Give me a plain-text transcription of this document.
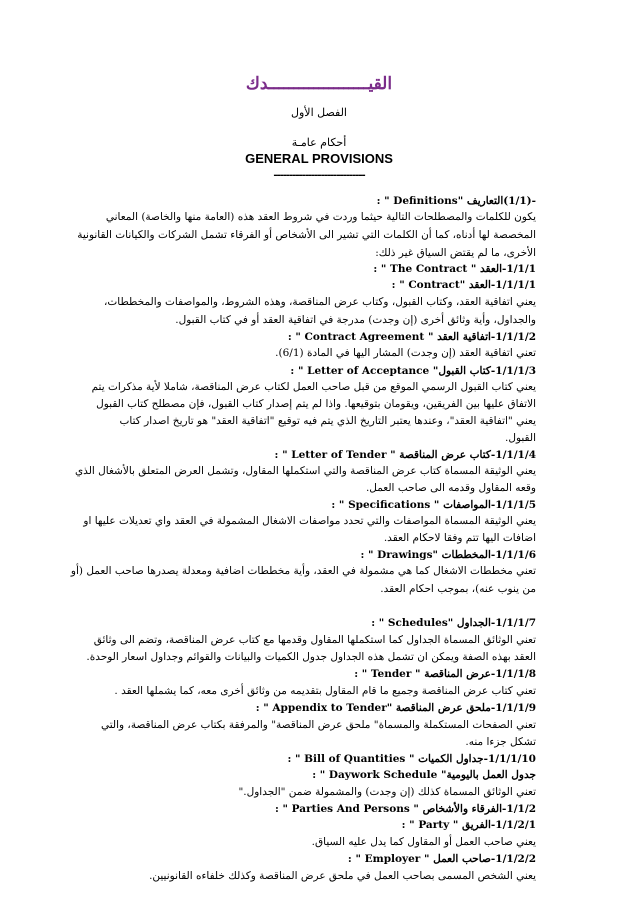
القيــــــــــــــــــــدك
الفصل الأول
أحكام عامـة
GENERAL PROVISIONS
-----------------------------
-(1/1)التعاريف "Definitions " :
يكون للكلمات والمصطلحات التالية حيثما وردت في شروط العقد هذه (العامة منها والخاصة) المعاني
المخصصة لها أدناه، كما أن الكلمات التي تشير الى الأشخاص أو الفرقاء تشمل الشركات والكيانات القانونية
الأخرى، ما لم يقتض السياق غير ذلك:
1/1/1-العقد " The Contract " :
1/1/1/1-العقد "Contract " :
يعني اتفاقية العقد، وكتاب القبول، وكتاب عرض المناقصة، وهذه الشروط، والمواصفات والمخططات،
والجداول، وأية وثائق أخرى (إن وجدت) مدرجة في اتفاقية العقد أو في كتاب القبول.
1/1/1/2-اتفاقية العقد " Contract Agreement " :
تعني اتفاقية العقد (إن وجدت) المشار اليها في المادة (6/1).
1/1/1/3-كتاب القبول" Letter of Acceptance " :
يعني كتاب القبول الرسمي الموقع من قبل صاحب العمل لكتاب عرض المناقصة، شاملا لأية مذكرات يتم
الاتفاق عليها بين الفريقين، ويقومان بتوقيعها. واذا لم يتم إصدار كتاب القبول، فإن مصطلح كتاب القبول
يعني "اتفاقية العقد"، وعندها يعتبر التاريخ الذي يتم فيه توقيع "اتفاقية العقد" هو تاريخ اصدار كتاب
القبول.
1/1/1/4-كتاب عرض المناقصة " Letter of Tender " :
يعني الوثيقة المسماة كتاب عرض المناقصة والتي استكملها المقاول، وتشمل العرض المتعلق بالأشغال الذي
وقعه المقاول وقدمه الى صاحب العمل.
1/1/1/5-المواصفات " Specifications " :
يعني الوثيقة المسماة المواصفات والتي تحدد مواصفات الاشغال المشمولة في العقد واي تعديلات عليها او
اضافات اليها تتم وفقا لاحكام العقد.
1/1/1/6-المخططات "Drawings " :
تعني مخططات الاشغال كما هي مشمولة في العقد، وأية مخططات اضافية ومعدلة يصدرها صاحب العمل (أو
من ينوب عنه)، بموجب احكام العقد.
1/1/1/7-الجداول "Schedules " :
تعني الوثائق المسماة الجداول كما استكملها المقاول وقدمها مع كتاب عرض المناقصة، وتضم الى وثائق
العقد بهذه الصفة ويمكن ان تشمل هذه الجداول جدول الكميات والبيانات والقوائم وجداول اسعار الوحدة.
1/1/1/8-عرض المناقصة " Tender " :
تعني كتاب عرض المناقصة وجميع ما قام المقاول بتقديمه من وثائق أخرى معه، كما يشملها العقد .
1/1/1/9-ملحق عرض المناقصة "Appendix to Tender " :
تعني الصفحات المستكملة والمسماة" ملحق عرض المناقصة" والمرفقة بكتاب عرض المناقصة، والتي
تشكل جزءا منه.
1/1/1/10-جداول الكميات " Bill of Quantities " :
جدول العمل باليومية" Daywork Schedule " :
تعني الوثائق المسماة كذلك (إن وجدت) والمشمولة ضمن "الجداول."
1/1/2-الفرقاء والأشخاص " Parties And Persons " :
1/1/2/1-الفريق " Party " :
يعني صاحب العمل أو المقاول كما يدل عليه السياق.
1/1/2/2-صاحب العمل " Employer " :
يعني الشخص المسمى بصاحب العمل في ملحق عرض المناقصة وكذلك خلفاءه القانونيين.
